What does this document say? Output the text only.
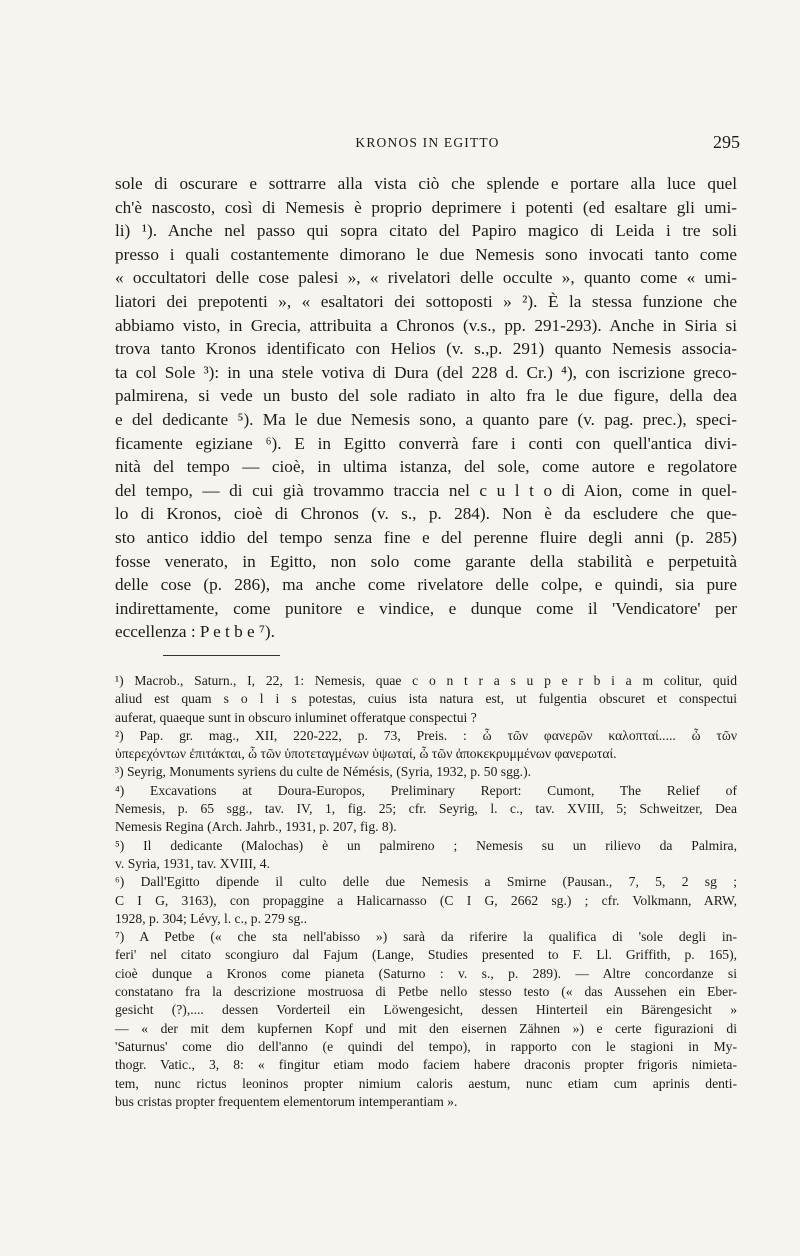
KRONOS IN EGITTO	295
sole di oscurare e sottrarre alla vista ciò che splende e portare alla luce quel
ch'è nascosto, così di Nemesis è proprio deprimere i potenti (ed esaltare gli umi-
li) ¹). Anche nel passo qui sopra citato del Papiro magico di Leida i tre soli
presso i quali costantemente dimorano le due Nemesis sono invocati tanto come
« occultatori delle cose palesi », « rivelatori delle occulte », quanto come « umi-
liatori dei prepotenti », « esaltatori dei sottoposti » ²). È la stessa funzione che
abbiamo visto, in Grecia, attribuita a Chronos (v.s., pp. 291-293). Anche in Siria si
trova tanto Kronos identificato con Helios (v. s.,p. 291) quanto Nemesis associa-
ta col Sole ³): in una stele votiva di Dura (del 228 d. Cr.) ⁴), con iscrizione greco-
palmirena, si vede un busto del sole radiato in alto fra le due figure, della dea
e del dedicante ⁵). Ma le due Nemesis sono, a quanto pare (v. pag. prec.), speci-
ficamente egiziane ⁶). E in Egitto converrà fare i conti con quell'antica divi-
nità del tempo — cioè, in ultima istanza, del sole, come autore e regolatore
del tempo, — di cui già trovammo traccia nel c u l t o di Aion, come in quel-
lo di Kronos, cioè di Chronos (v. s., p. 284). Non è da escludere che que-
sto antico iddio del tempo senza fine e del perenne fluire degli anni (p. 285)
fosse venerato, in Egitto, non solo come garante della stabilità e perpetuità
delle cose (p. 286), ma anche come rivelatore delle colpe, e quindi, sia pure
indirettamente, come punitore e vindice, e dunque come il 'Vendicatore' per
eccellenza : P e t b e ⁷).
¹) Macrob., Saturn., I, 22, 1: Nemesis, quae c o n t r a s u p e r b i a m colitur, quid
aliud est quam s o l i s potestas, cuius ista natura est, ut fulgentia obscuret et conspectui
auferat, quaeque sunt in obscuro inluminet offeratque conspectui ?
²) Pap. gr. mag., XII, 220-222, p. 73, Preis. : ὦ τῶν φανερῶν καλοπταί..... ὦ τῶν
ὑπερεχόντων ἐπιτάκται, ὦ τῶν ὑποτεταγμένων ὑψωταί, ὦ τῶν ἀποκεκρυμμένων φανερωταί.
³) Seyrig, Monuments syriens du culte de Némésis, (Syria, 1932, p. 50 sgg.).
⁴) Excavations at Doura-Europos, Preliminary Report: Cumont, The Relief of
Nemesis, p. 65 sgg., tav. IV, 1, fig. 25; cfr. Seyrig, l. c., tav. XVIII, 5; Schweitzer, Dea
Nemesis Regina (Arch. Jahrb., 1931, p. 207, fig. 8).
⁵) Il dedicante (Malochas) è un palmireno ; Nemesis su un rilievo da Palmira,
v. Syria, 1931, tav. XVIII, 4.
⁶) Dall'Egitto dipende il culto delle due Nemesis a Smirne (Pausan., 7, 5, 2 sg ;
C I G, 3163), con propaggine a Halicarnasso (C I G, 2662 sg.) ; cfr. Volkmann, ARW,
1928, p. 304; Lévy, l. c., p. 279 sg..
⁷) A Petbe (« che sta nell'abisso ») sarà da riferire la qualifica di 'sole degli in-
feri' nel citato scongiuro dal Fajum (Lange, Studies presented to F. Ll. Griffith, p. 165),
cioè dunque a Kronos come pianeta (Saturno : v. s., p. 289). — Altre concordanze si
constatano fra la descrizione mostruosa di Petbe nello stesso testo (« das Aussehen ein Eber-
gesicht (?),.... dessen Vorderteil ein Löwengesicht, dessen Hinterteil ein Bärengesicht »
— « der mit dem kupfernen Kopf und mit den eisernen Zähnen ») e certe figurazioni di
'Saturnus' come dio dell'anno (e quindi del tempo), in rapporto con le stagioni in My-
thogr. Vatic., 3, 8: « fingitur etiam modo faciem habere draconis propter frigoris nimieta-
tem, nunc rictus leoninos propter nimium caloris aestum, nunc etiam cum aprinis denti-
bus cristas propter frequentem elementorum intemperantiam ».
